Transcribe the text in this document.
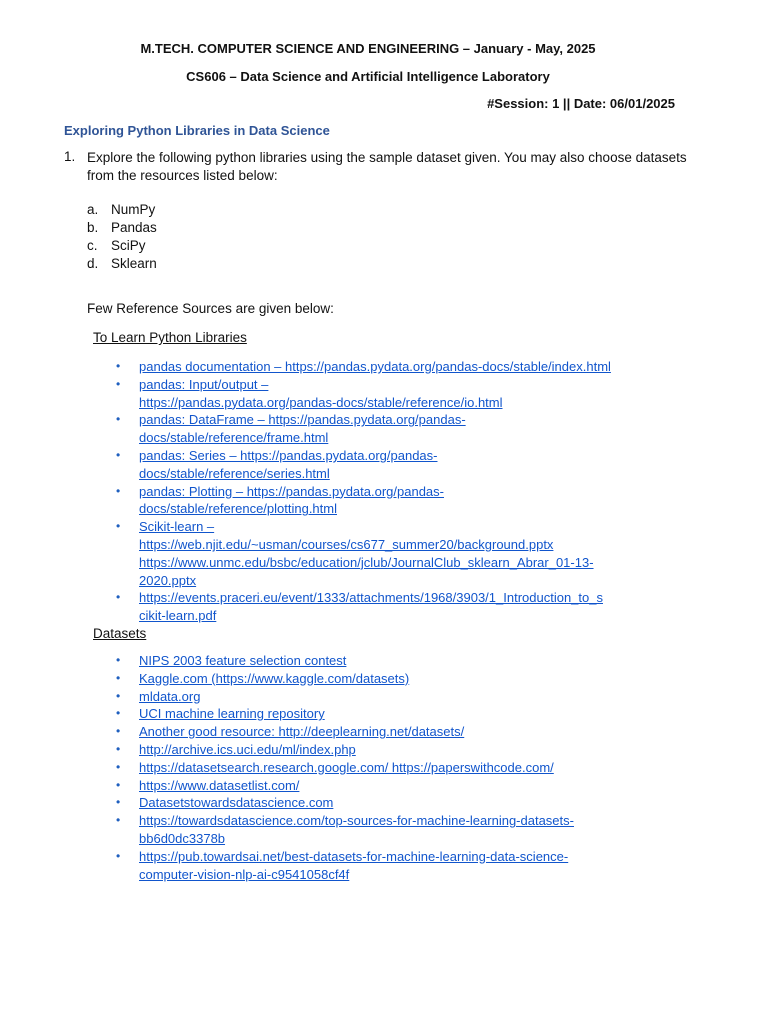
M.TECH. COMPUTER SCIENCE AND ENGINEERING – January - May, 2025
CS606 – Data Science and Artificial Intelligence Laboratory
#Session: 1 || Date: 06/01/2025
Exploring Python Libraries in Data Science
1. Explore the following python libraries using the sample dataset given. You may also choose datasets from the resources listed below:
a. NumPy
b. Pandas
c. SciPy
d. Sklearn
Few Reference Sources are given below:
To Learn Python Libraries
• pandas documentation – https://pandas.pydata.org/pandas-docs/stable/index.html
• pandas: Input/output –
https://pandas.pydata.org/pandas-docs/stable/reference/io.html
• pandas: DataFrame – https://pandas.pydata.org/pandas-
docs/stable/reference/frame.html
• pandas: Series – https://pandas.pydata.org/pandas-
docs/stable/reference/series.html
• pandas: Plotting – https://pandas.pydata.org/pandas-
docs/stable/reference/plotting.html
• Scikit-learn –
https://web.njit.edu/~usman/courses/cs677_summer20/background.pptx
https://www.unmc.edu/bsbc/education/jclub/JournalClub_sklearn_Abrar_01-13-
2020.pptx
• https://events.praceri.eu/event/1333/attachments/1968/3903/1_Introduction_to_s
cikit-learn.pdf
Datasets
• NIPS 2003 feature selection contest
• Kaggle.com (https://www.kaggle.com/datasets)
• mldata.org
• UCI machine learning repository
• Another good resource: http://deeplearning.net/datasets/
• http://archive.ics.uci.edu/ml/index.php
• https://datasetsearch.research.google.com/ https://paperswithcode.com/
• https://www.datasetlist.com/
• Datasetstowardsdatascience.com
• https://towardsdatascience.com/top-sources-for-machine-learning-datasets-
bb6d0dc3378b
• https://pub.towardsai.net/best-datasets-for-machine-learning-data-science-
computer-vision-nlp-ai-c9541058cf4f
